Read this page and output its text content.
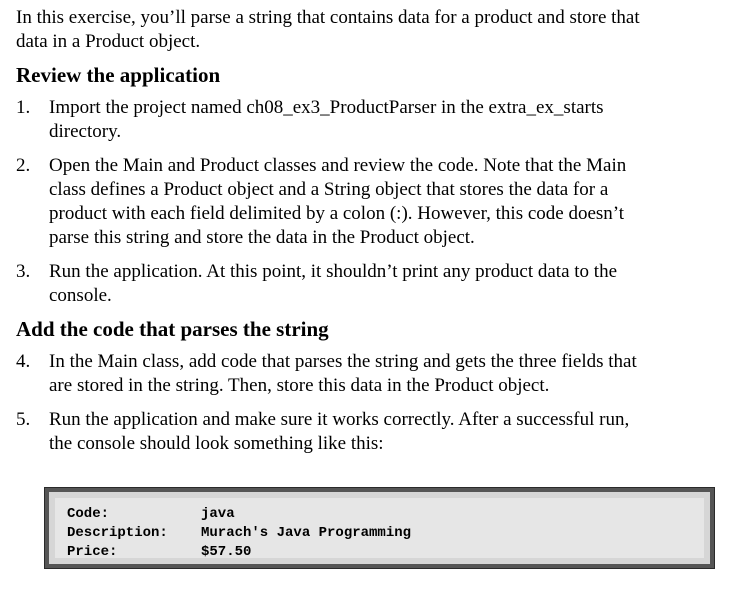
In this exercise, you’ll parse a string that contains data for a product and store that
data in a Product object.

Review the application
1. Import the project named ch08_ex3_ProductParser in the extra_ex_starts
directory.
2. Open the Main and Product classes and review the code. Note that the Main
class defines a Product object and a String object that stores the data for a
product with each field delimited by a colon (:). However, this code doesn’t
parse this string and store the data in the Product object.
3. Run the application. At this point, it shouldn’t print any product data to the
console.
Add the code that parses the string
4. In the Main class, add code that parses the string and gets the three fields that
are stored in the string. Then, store this data in the Product object.
5. Run the application and make sure it works correctly. After a successful run,
the console should look something like this:
Code:	java
Description: Murach's Java Programming
Price:	$57.50
